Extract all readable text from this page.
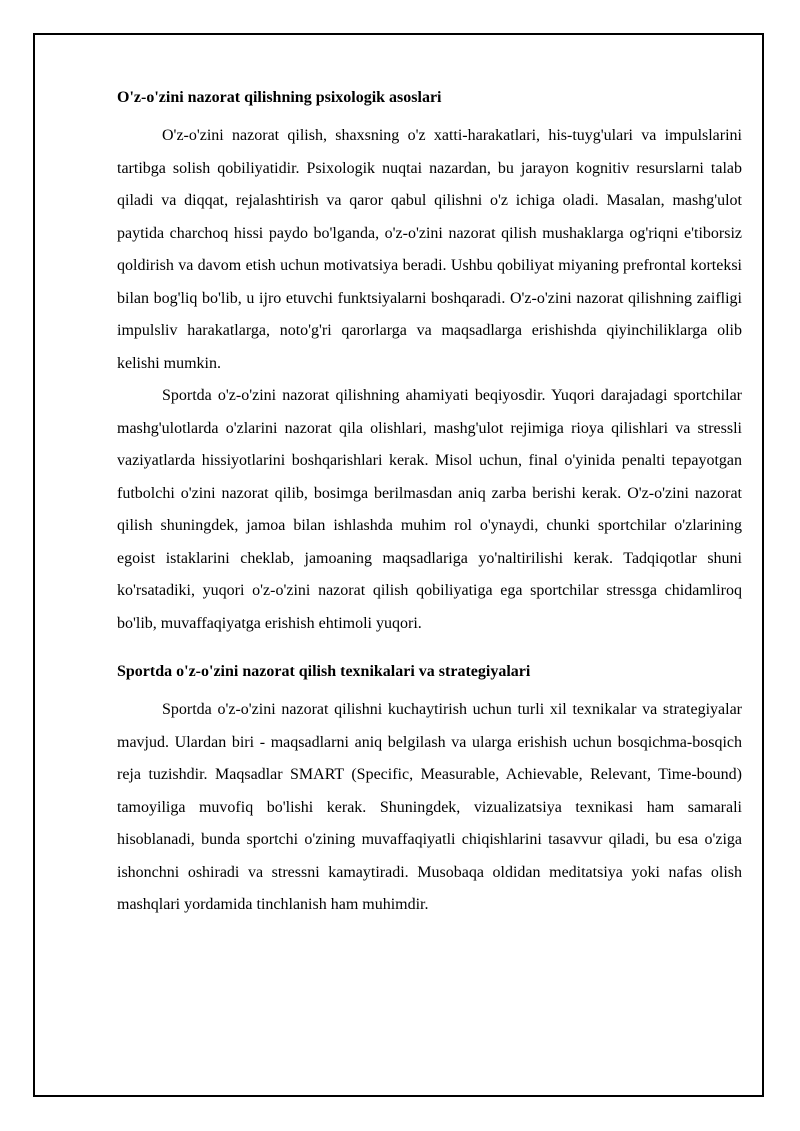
O'z-o'zini nazorat qilishning psixologik asoslari

O'z-o'zini nazorat qilish, shaxsning o'z xatti-harakatlari, his-tuyg'ulari va impulslarini tartibga solish qobiliyatidir. Psixologik nuqtai nazardan, bu jarayon kognitiv resurslarni talab qiladi va diqqat, rejalashtirish va qaror qabul qilishni o'z ichiga oladi. Masalan, mashg'ulot paytida charchoq hissi paydo bo'lganda, o'z-o'zini nazorat qilish mushaklarga og'riqni e'tiborsiz qoldirish va davom etish uchun motivatsiya beradi. Ushbu qobiliyat miyaning prefrontal korteksi bilan bog'liq bo'lib, u ijro etuvchi funktsiyalarni boshqaradi. O'z-o'zini nazorat qilishning zaifligi impulsliv harakatlarga, noto'g'ri qarorlarga va maqsadlarga erishishda qiyinchiliklarga olib kelishi mumkin.

Sportda o'z-o'zini nazorat qilishning ahamiyati beqiyosdir. Yuqori darajadagi sportchilar mashg'ulotlarda o'zlarini nazorat qila olishlari, mashg'ulot rejimiga rioya qilishlari va stressli vaziyatlarda hissiyotlarini boshqarishlari kerak. Misol uchun, final o'yinida penalti tepayotgan futbolchi o'zini nazorat qilib, bosimga berilmasdan aniq zarba berishi kerak. O'z-o'zini nazorat qilish shuningdek, jamoa bilan ishlashda muhim rol o'ynaydi, chunki sportchilar o'zlarining egoist istaklarini cheklab, jamoaning maqsadlariga yo'naltirilishi kerak. Tadqiqotlar shuni ko'rsatadiki, yuqori o'z-o'zini nazorat qilish qobiliyatiga ega sportchilar stressga chidamliroq bo'lib, muvaffaqiyatga erishish ehtimoli yuqori.

Sportda o'z-o'zini nazorat qilish texnikalari va strategiyalari

Sportda o'z-o'zini nazorat qilishni kuchaytirish uchun turli xil texnikalar va strategiyalar mavjud. Ulardan biri - maqsadlarni aniq belgilash va ularga erishish uchun bosqichma-bosqich reja tuzishdir. Maqsadlar SMART (Specific, Measurable, Achievable, Relevant, Time-bound) tamoyiliga muvofiq bo'lishi kerak. Shuningdek, vizualizatsiya texnikasi ham samarali hisoblanadi, bunda sportchi o'zining muvaffaqiyatli chiqishlarini tasavvur qiladi, bu esa o'ziga ishonchni oshiradi va stressni kamaytiradi. Musobaqa oldidan meditatsiya yoki nafas olish mashqlari yordamida tinchlanish ham muhimdir.
